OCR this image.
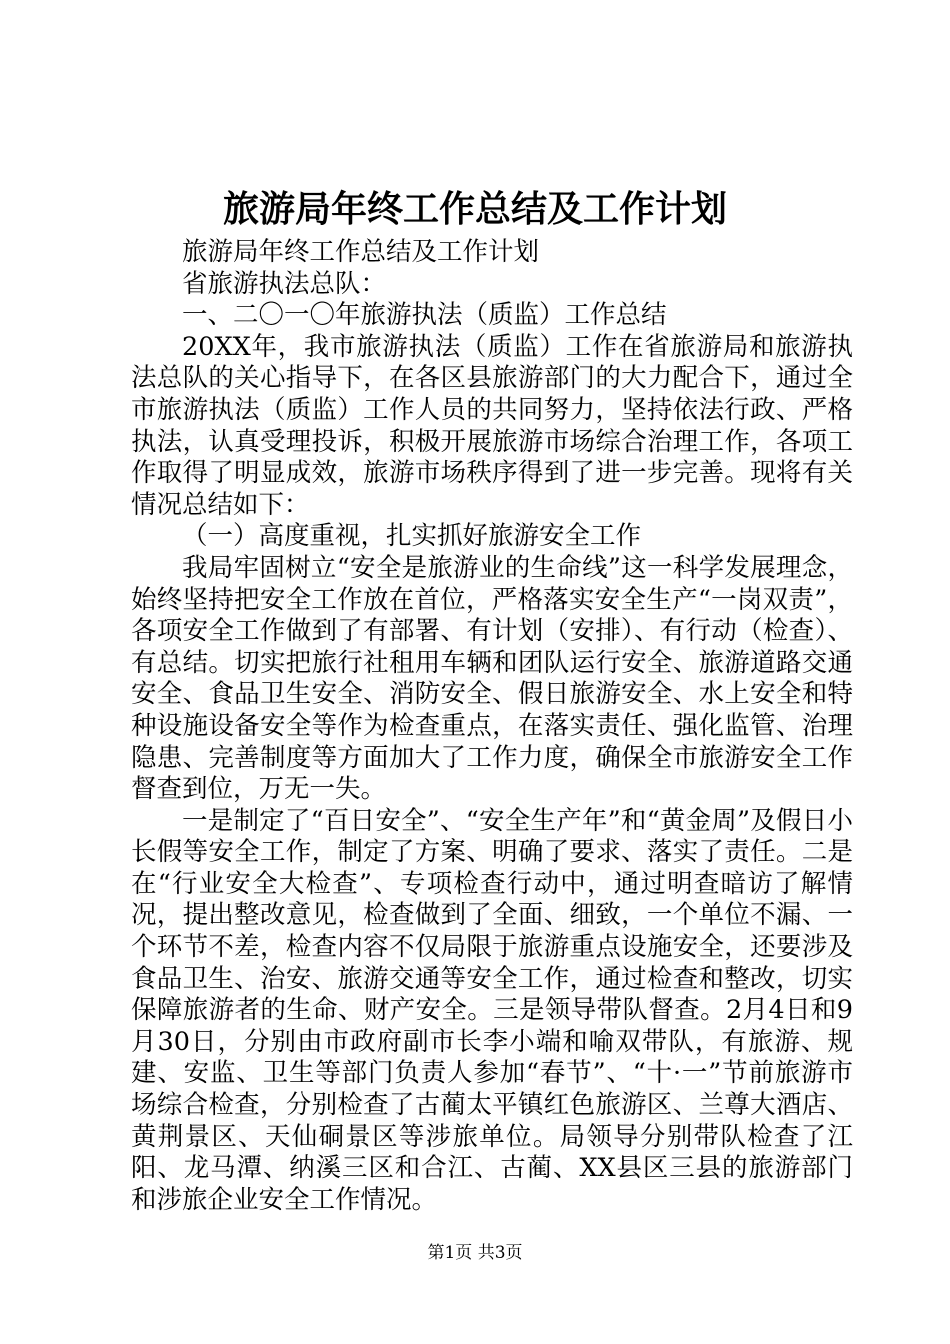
旅游局年终工作总结及工作计划

旅游局年终工作总结及工作计划

省旅游执法总队：

一、二〇一〇年旅游执法（质监）工作总结

20XX年，我市旅游执法（质监）工作在省旅游局和旅游执法总队的关心指导下，在各区县旅游部门的大力配合下，通过全市旅游执法（质监）工作人员的共同努力，坚持依法行政、严格执法，认真受理投诉，积极开展旅游市场综合治理工作，各项工作取得了明显成效，旅游市场秩序得到了进一步完善。现将有关情况总结如下：

（一）高度重视，扎实抓好旅游安全工作

我局牢固树立“安全是旅游业的生命线”这一科学发展理念，始终坚持把安全工作放在首位，严格落实安全生产“一岗双责”，各项安全工作做到了有部署、有计划（安排）、有行动（检查）、有总结。切实把旅行社租用车辆和团队运行安全、旅游道路交通安全、食品卫生安全、消防安全、假日旅游安全、水上安全和特种设施设备安全等作为检查重点，在落实责任、强化监管、治理隐患、完善制度等方面加大了工作力度，确保全市旅游安全工作督查到位，万无一失。

一是制定了“百日安全”、“安全生产年”和“黄金周”及假日小长假等安全工作，制定了方案、明确了要求、落实了责任。二是在“行业安全大检查”、专项检查行动中，通过明查暗访了解情况，提出整改意见，检查做到了全面、细致，一个单位不漏、一个环节不差，检查内容不仅局限于旅游重点设施安全，还要涉及食品卫生、治安、旅游交通等安全工作，通过检查和整改，切实保障旅游者的生命、财产安全。三是领导带队督查。2月4日和9月30日，分别由市政府副市长李小端和喻双带队，有旅游、规建、安监、卫生等部门负责人参加“春节”、“十·一”节前旅游市场综合检查，分别检查了古蔺太平镇红色旅游区、兰尊大酒店、黄荆景区、天仙硐景区等涉旅单位。局领导分别带队检查了江阳、龙马潭、纳溪三区和合江、古蔺、XX县区三县的旅游部门和涉旅企业安全工作情况。

第1页 共3页
